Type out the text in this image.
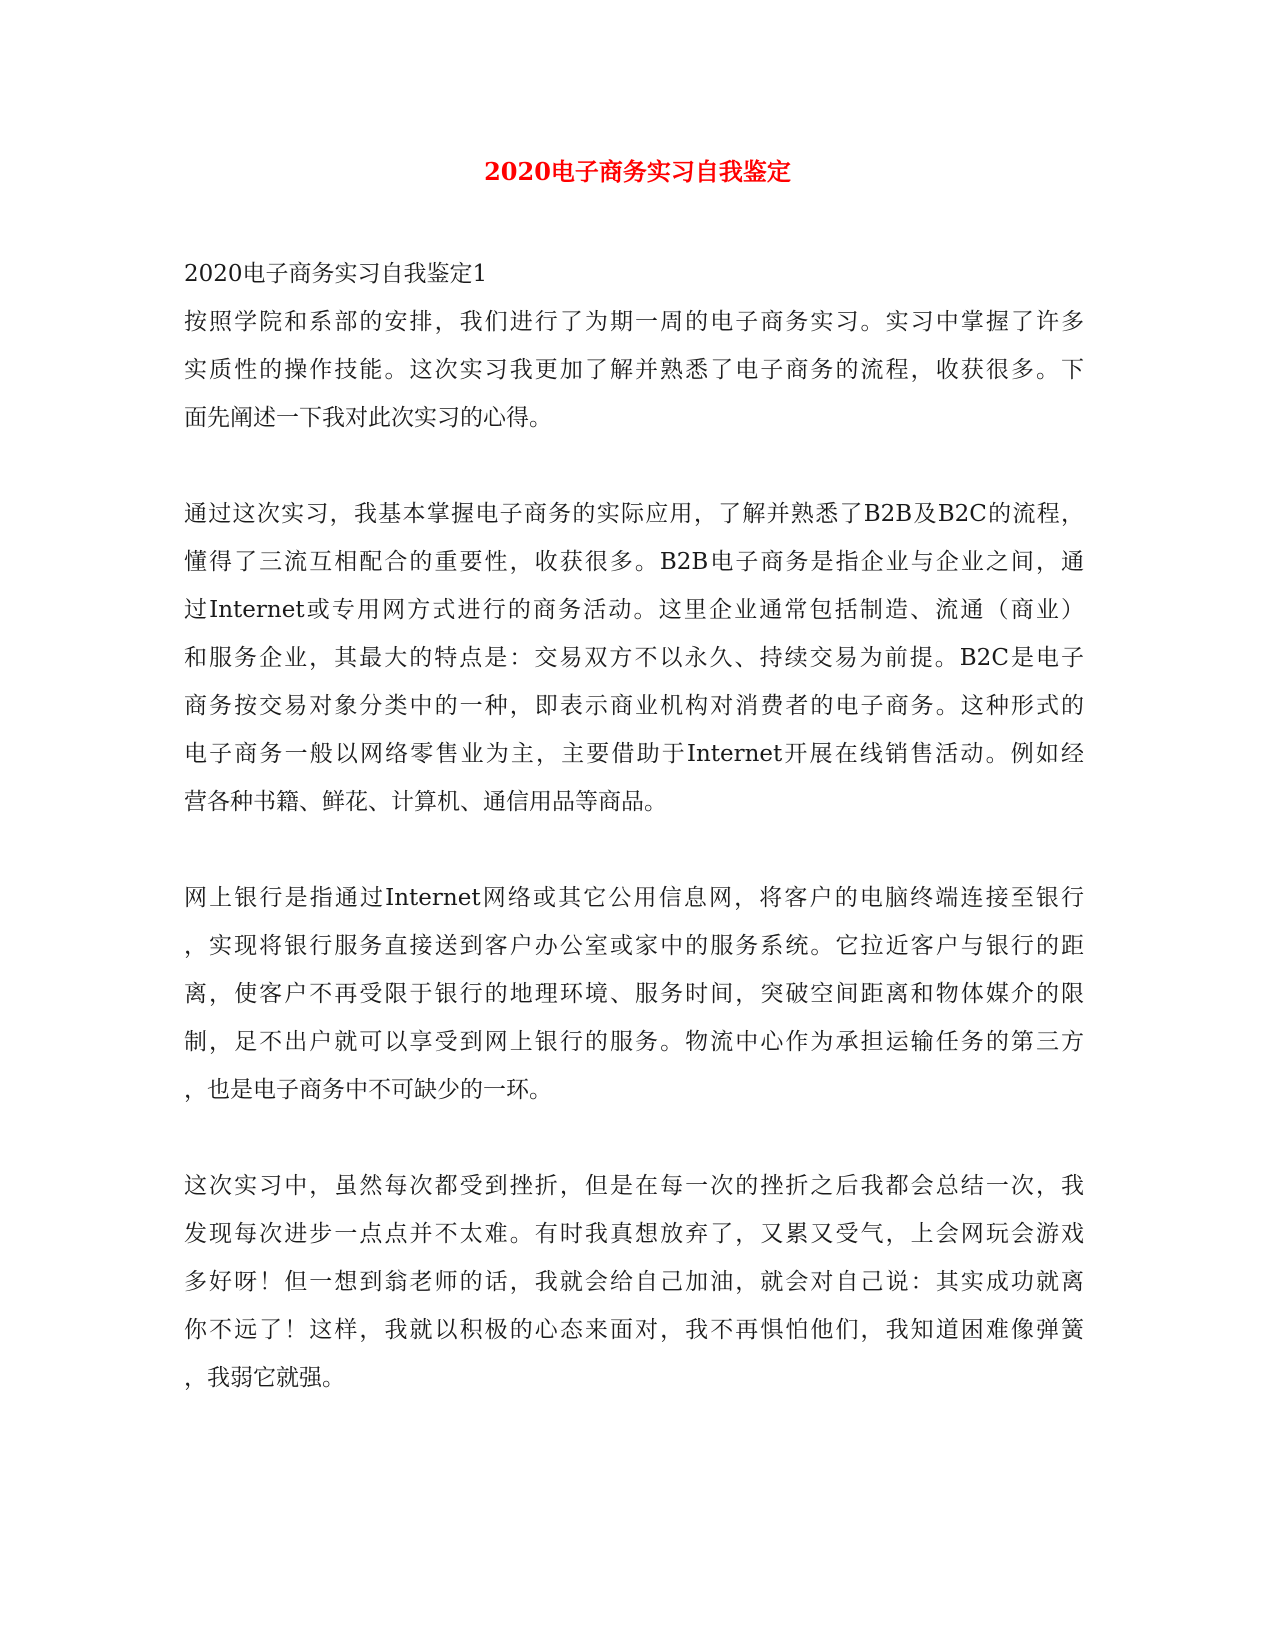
2020电子商务实习自我鉴定

2020电子商务实习自我鉴定1

按照学院和系部的安排，我们进行了为期一周的电子商务实习。实习中掌握了许多
实质性的操作技能。这次实习我更加了解并熟悉了电子商务的流程，收获很多。下
面先阐述一下我对此次实习的心得。

通过这次实习，我基本掌握电子商务的实际应用，了解并熟悉了B2B及B2C的流程，
懂得了三流互相配合的重要性，收获很多。B2B电子商务是指企业与企业之间，通
过Internet或专用网方式进行的商务活动。这里企业通常包括制造、流通（商业）
和服务企业，其最大的特点是：交易双方不以永久、持续交易为前提。B2C是电子
商务按交易对象分类中的一种，即表示商业机构对消费者的电子商务。这种形式的
电子商务一般以网络零售业为主，主要借助于Internet开展在线销售活动。例如经
营各种书籍、鲜花、计算机、通信用品等商品。

网上银行是指通过Internet网络或其它公用信息网，将客户的电脑终端连接至银行
，实现将银行服务直接送到客户办公室或家中的服务系统。它拉近客户与银行的距
离，使客户不再受限于银行的地理环境、服务时间，突破空间距离和物体媒介的限
制，足不出户就可以享受到网上银行的服务。物流中心作为承担运输任务的第三方
，也是电子商务中不可缺少的一环。

这次实习中，虽然每次都受到挫折，但是在每一次的挫折之后我都会总结一次，我
发现每次进步一点点并不太难。有时我真想放弃了，又累又受气，上会网玩会游戏
多好呀！但一想到翁老师的话，我就会给自己加油，就会对自己说：其实成功就离
你不远了！这样，我就以积极的心态来面对，我不再惧怕他们，我知道困难像弹簧
，我弱它就强。
